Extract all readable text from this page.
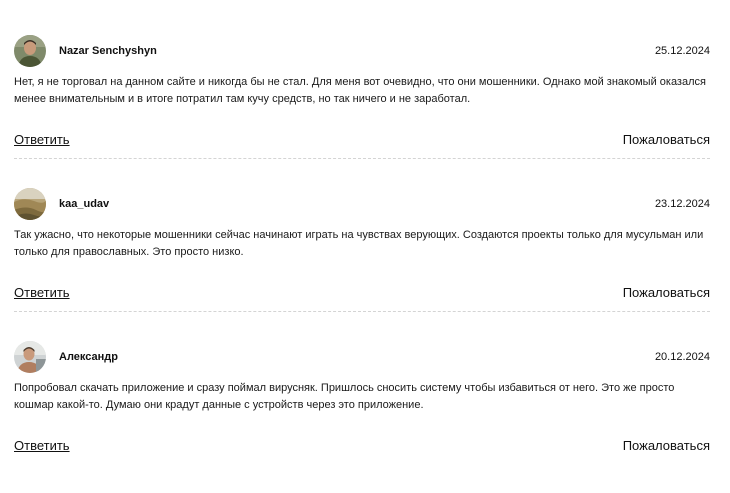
Nazar Senchyshyn	25.12.2024

Нет, я не торговал на данном сайте и никогда бы не стал. Для меня вот очевидно, что они мошенники. Однако мой знакомый оказался менее внимательным и в итоге потратил там кучу средств, но так ничего и не заработал.

Ответить	Пожаловаться
kaa_udav	23.12.2024

Так ужасно, что некоторые мошенники сейчас начинают играть на чувствах верующих. Создаются проекты только для мусульман или только для православных. Это просто низко.

Ответить	Пожаловаться
Александр	20.12.2024

Попробовал скачать приложение и сразу поймал вирусняк. Пришлось сносить систему чтобы избавиться от него. Это же просто кошмар какой-то. Думаю они крадут данные с устройств через это приложение.

Ответить	Пожаловаться
